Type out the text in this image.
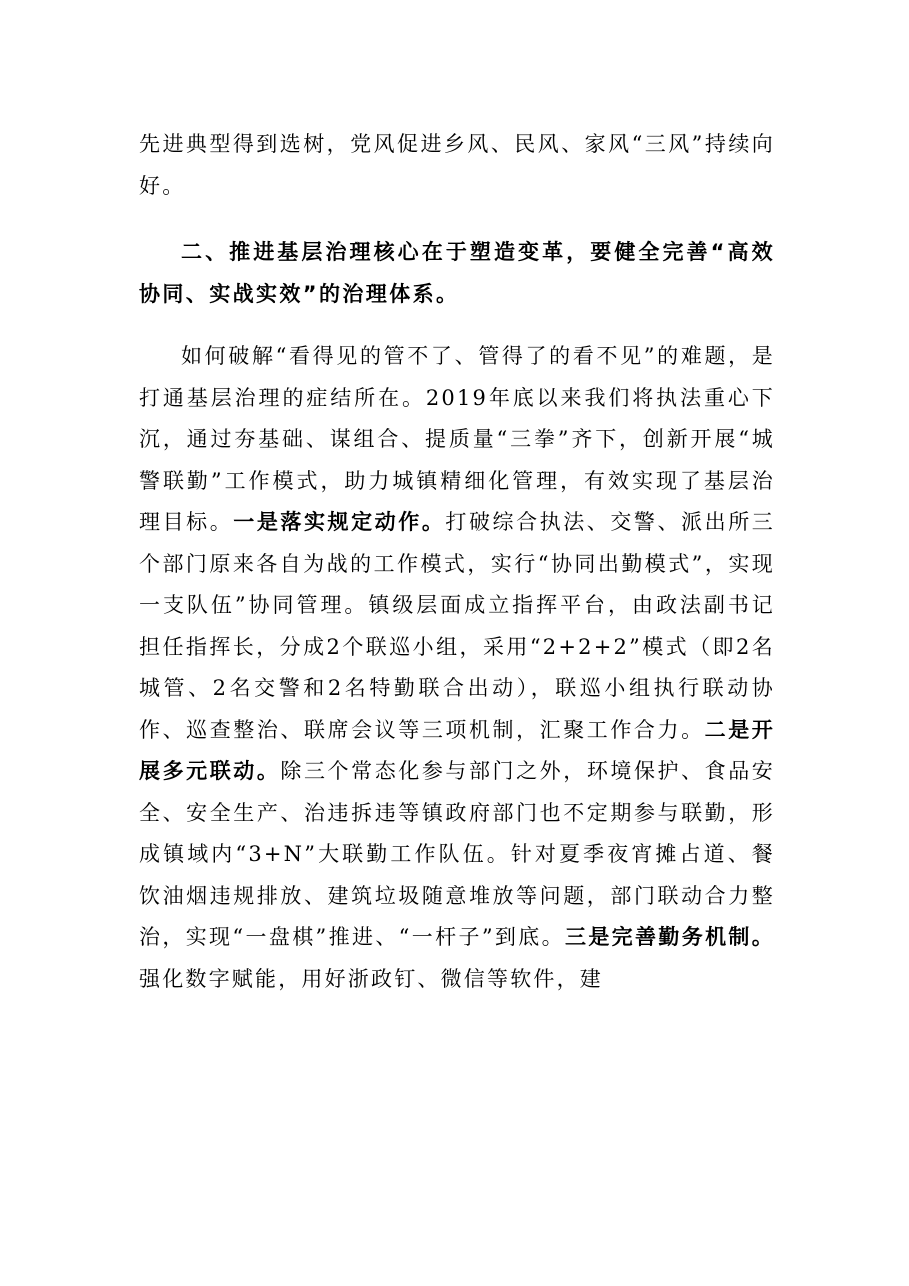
先进典型得到选树，党风促进乡风、民风、家风“三风”持续向好。

二、推进基层治理核心在于塑造变革，要健全完善“高效协同、实战实效”的治理体系。

如何破解“看得见的管不了、管得了的看不见”的难题，是打通基层治理的症结所在。2019年底以来我们将执法重心下沉，通过夯基础、谋组合、提质量“三拳”齐下，创新开展“城警联勤”工作模式，助力城镇精细化管理，有效实现了基层治理目标。一是落实规定动作。打破综合执法、交警、派出所三个部门原来各自为战的工作模式，实行“协同出勤模式”，实现一支队伍”协同管理。镇级层面成立指挥平台，由政法副书记担任指挥长，分成2个联巡小组，采用“2+2+2”模式（即2名城管、2名交警和2名特勤联合出动），联巡小组执行联动协作、巡查整治、联席会议等三项机制，汇聚工作合力。二是开展多元联动。除三个常态化参与部门之外，环境保护、食品安全、安全生产、治违拆违等镇政府部门也不定期参与联勤，形成镇域内“3+N”大联勤工作队伍。针对夏季夜宵摊占道、餐饮油烟违规排放、建筑垃圾随意堆放等问题，部门联动合力整治，实现“一盘棋”推进、“一杆子”到底。三是完善勤务机制。强化数字赋能，用好浙政钉、微信等软件，建
